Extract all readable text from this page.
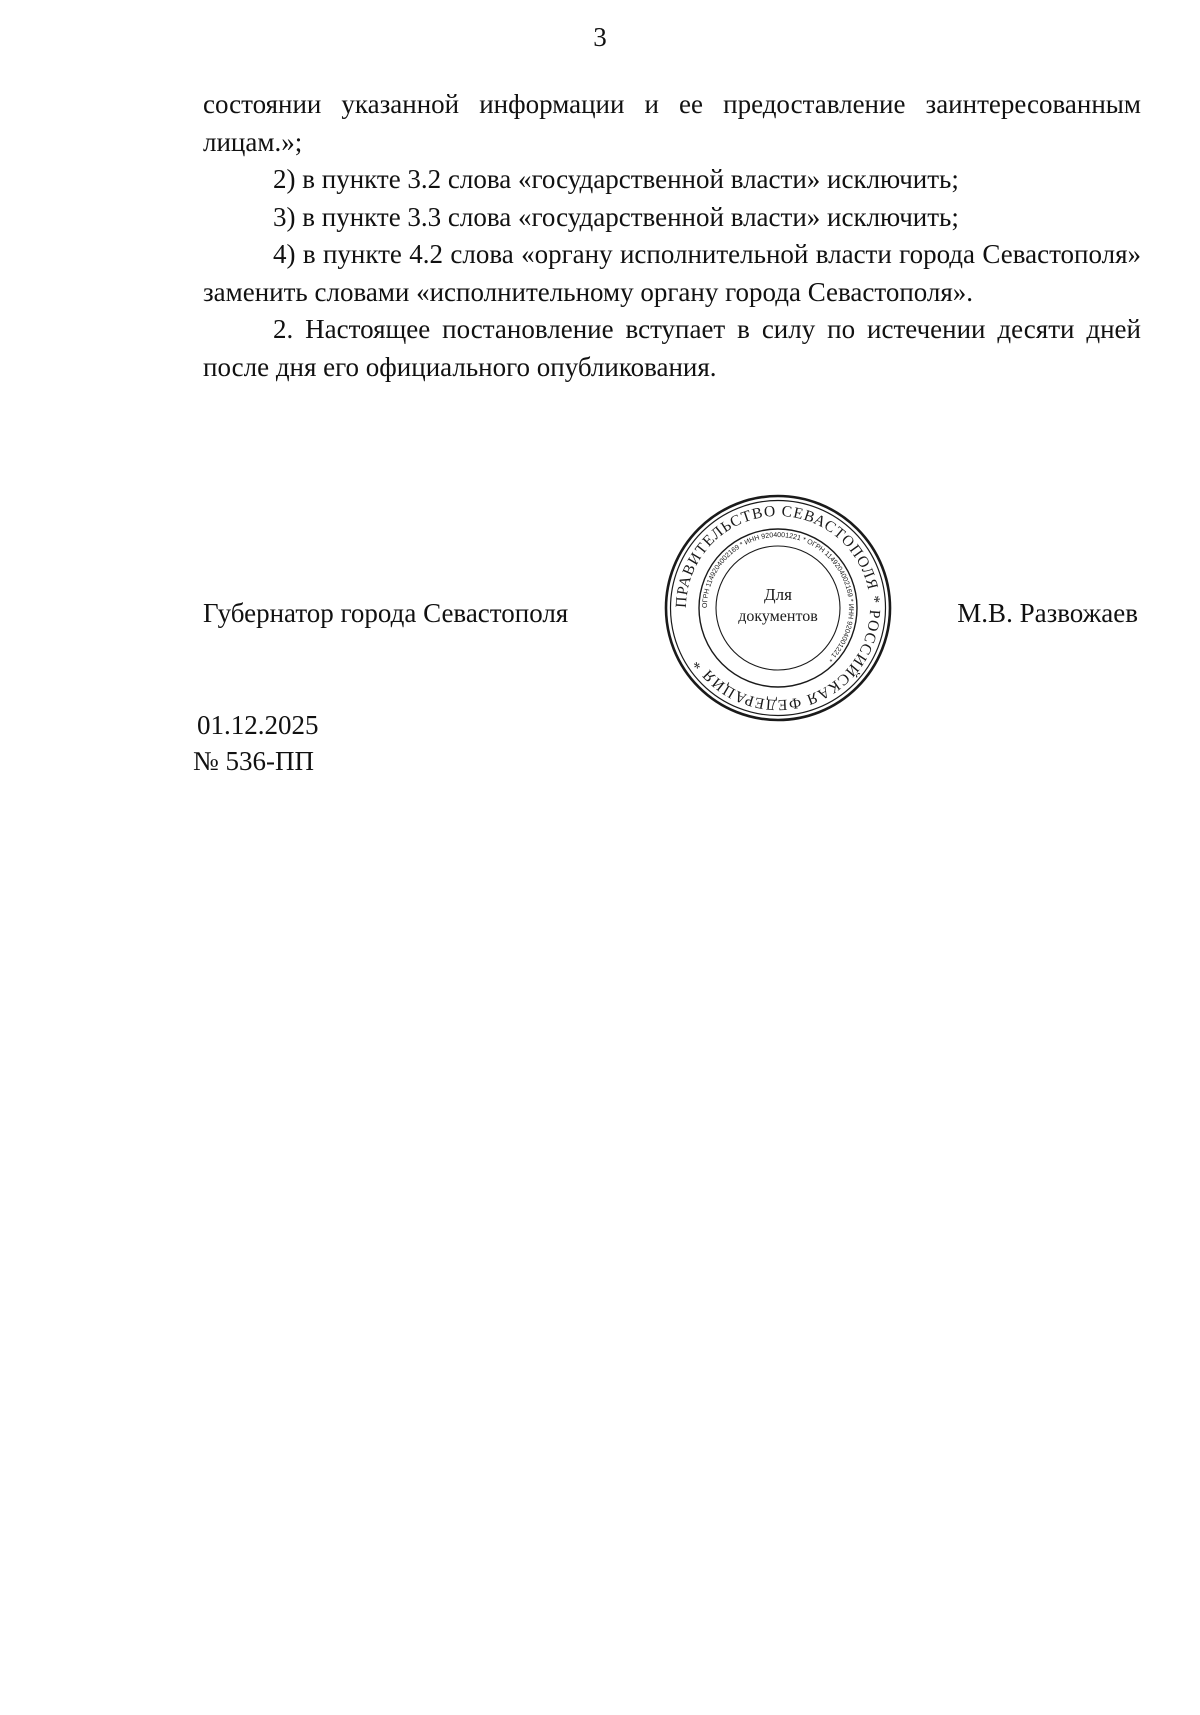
3

состоянии указанной информации и ее предоставление заинтересованным лицам.»;

2) в пункте 3.2 слова «государственной власти» исключить;

3) в пункте 3.3 слова «государственной власти» исключить;

4) в пункте 4.2 слова «органу исполнительной власти города Севастополя» заменить словами «исполнительному органу города Севастополя».

2. Настоящее постановление вступает в силу по истечении десяти дней после дня его официального опубликования.

Губернатор города Севастополя	М.В. Развожаев
ПРАВИТЕЛЬСТВО СЕВАСТОПОЛЯ * РОССИЙСКАЯ ФЕДЕРАЦИЯ *
ОГРН 1149204002169 * ИНН 9204001221 * ОГРН 1149204002169 * ИНН 9204001221 *
Для
документов
01.12.2025
№ 536-ПП
